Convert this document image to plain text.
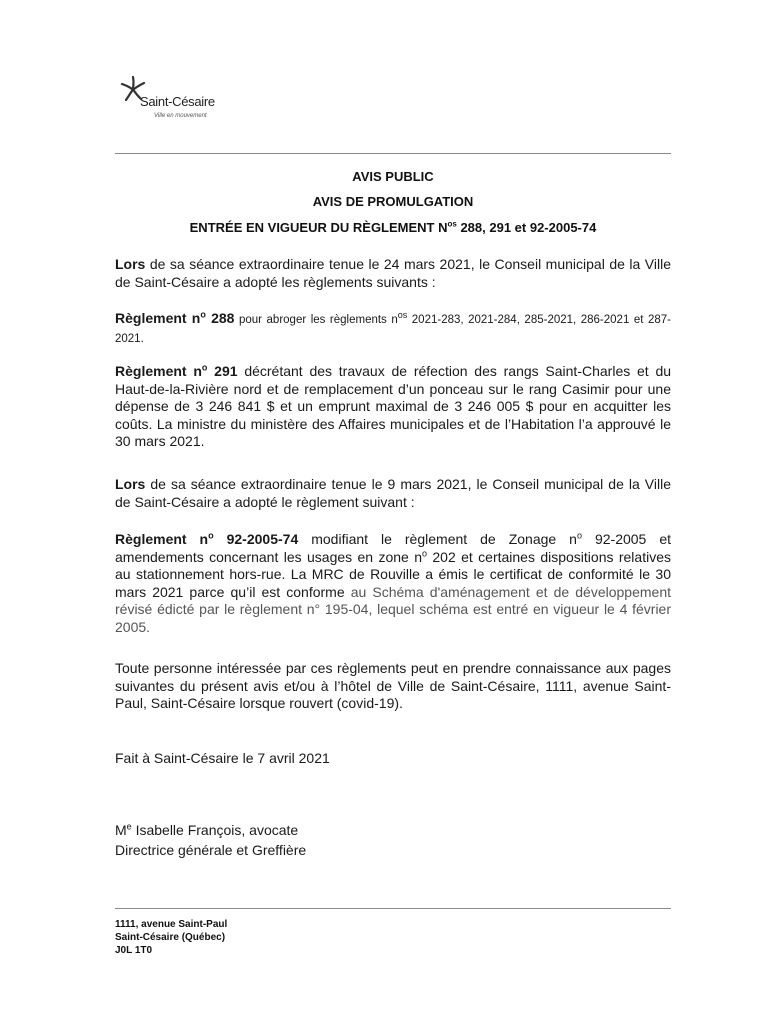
Saint-Césaire
Ville en mouvement
AVIS PUBLIC
AVIS DE PROMULGATION
ENTRÉE EN VIGUEUR DU RÈGLEMENT $N^{os}$ 288, 291 et 92-2005-74

Lors de sa séance extraordinaire tenue le 24 mars 2021, le Conseil municipal de la Ville de Saint-Césaire a adopté les règlements suivants :

Règlement $n^o$ 288 pour abroger les règlements $n^{os}$ 2021-283, 2021-284, 285-2021, 286-2021 et 287-2021.

Règlement $n^o$ 291 décrétant des travaux de réfection des rangs Saint-Charles et du Haut-de-la-Rivière nord et de remplacement d’un ponceau sur le rang Casimir pour une dépense de 3 246 841 $ et un emprunt maximal de 3 246 005 $ pour en acquitter les coûts. La ministre du ministère des Affaires municipales et de l’Habitation l’a approuvé le 30 mars 2021.

Lors de sa séance extraordinaire tenue le 9 mars 2021, le Conseil municipal de la Ville de Saint-Césaire a adopté le règlement suivant :

Règlement $n^o$ 92-2005-74 modifiant le règlement de Zonage $n^o$ 92-2005 et amendements concernant les usages en zone $n^o$ 202 et certaines dispositions relatives au stationnement hors-rue. La MRC de Rouville a émis le certificat de conformité le 30 mars 2021 parce qu’il est conforme au Schéma d'aménagement et de développement révisé édicté par le règlement n° 195-04, lequel schéma est entré en vigueur le 4 février 2005.

Toute personne intéressée par ces règlements peut en prendre connaissance aux pages suivantes du présent avis et/ou à l’hôtel de Ville de Saint-Césaire, 1111, avenue Saint-Paul, Saint-Césaire lorsque rouvert (covid-19).

Fait à Saint-Césaire le 7 avril 2021
Me Isabelle François, avocate
Directrice générale et Greffière
1111, avenue Saint-Paul
Saint-Césaire (Québec)
J0L 1T0
